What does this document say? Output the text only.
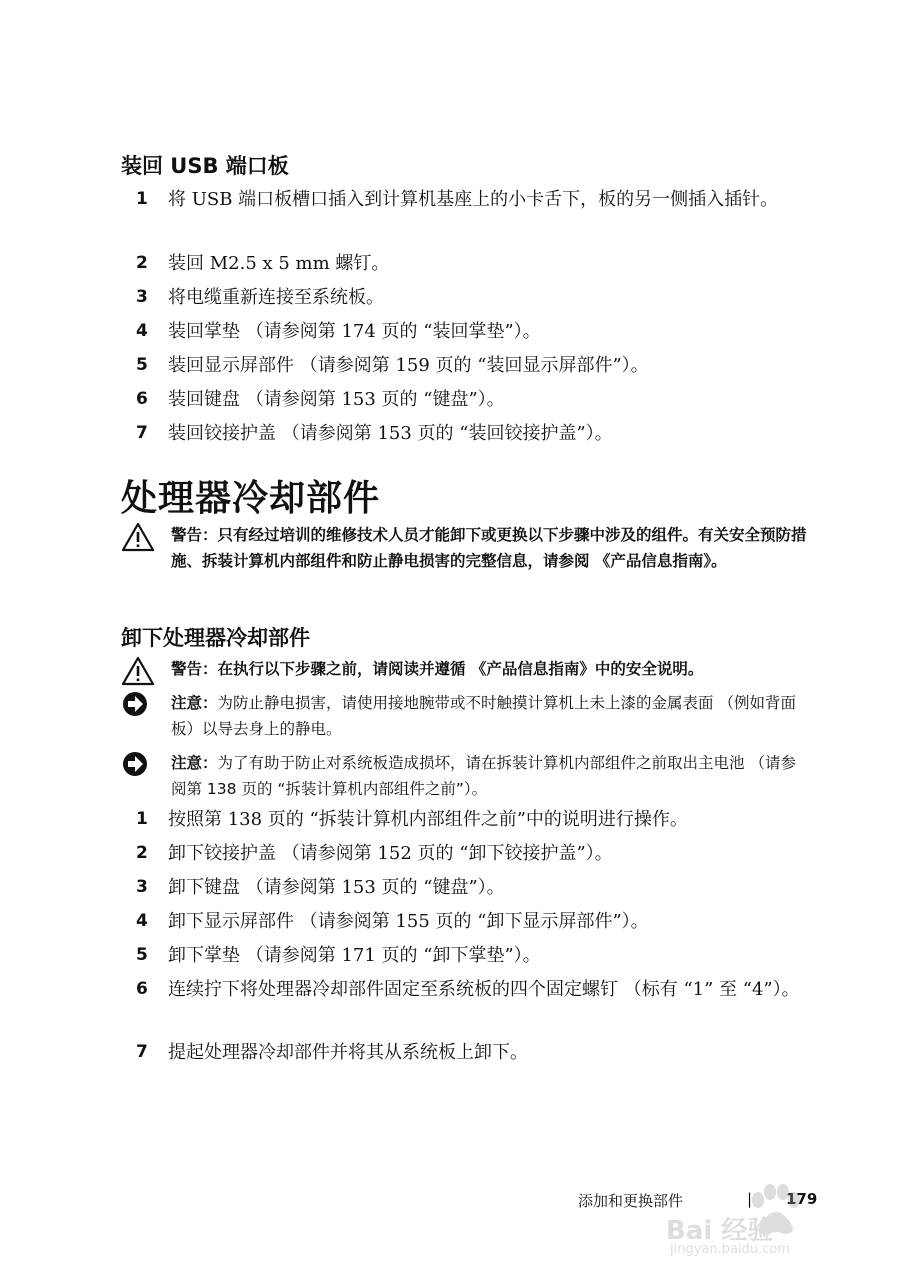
装回 USB 端口板
1	将 USB 端口板槽口插入到计算机基座上的小卡舌下，板的另一侧插入插针。
2	装回 M2.5 x 5 mm 螺钉。
3	将电缆重新连接至系统板。
4	装回掌垫 （请参阅第 174 页的 “装回掌垫”）。
5	装回显示屏部件 （请参阅第 159 页的 “装回显示屏部件”）。
6	装回键盘 （请参阅第 153 页的 “键盘”）。
7	装回铰接护盖 （请参阅第 153 页的 “装回铰接护盖”）。
处理器冷却部件
警告：只有经过培训的维修技术人员才能卸下或更换以下步骤中涉及的组件。有关安全预防措施、拆装计算机内部组件和防止静电损害的完整信息，请参阅 《产品信息指南》。
卸下处理器冷却部件
警告：在执行以下步骤之前，请阅读并遵循 《产品信息指南》中的安全说明。
注意：为防止静电损害，请使用接地腕带或不时触摸计算机上未上漆的金属表面 （例如背面板）以导去身上的静电。
注意：为了有助于防止对系统板造成损坏，请在拆装计算机内部组件之前取出主电池 （请参阅第 138 页的 “拆装计算机内部组件之前”）。
1	按照第 138 页的 “拆装计算机内部组件之前”中的说明进行操作。
2	卸下铰接护盖 （请参阅第 152 页的 “卸下铰接护盖”）。
3	卸下键盘 （请参阅第 153 页的 “键盘”）。
4	卸下显示屏部件 （请参阅第 155 页的 “卸下显示屏部件”）。
5	卸下掌垫 （请参阅第 171 页的 “卸下掌垫”）。
6	连续拧下将处理器冷却部件固定至系统板的四个固定螺钉 （标有 “1” 至 “4”）。
7	提起处理器冷却部件并将其从系统板上卸下。
添加和更换部件	| 179
Bai 经验
jingyan.baidu.com
